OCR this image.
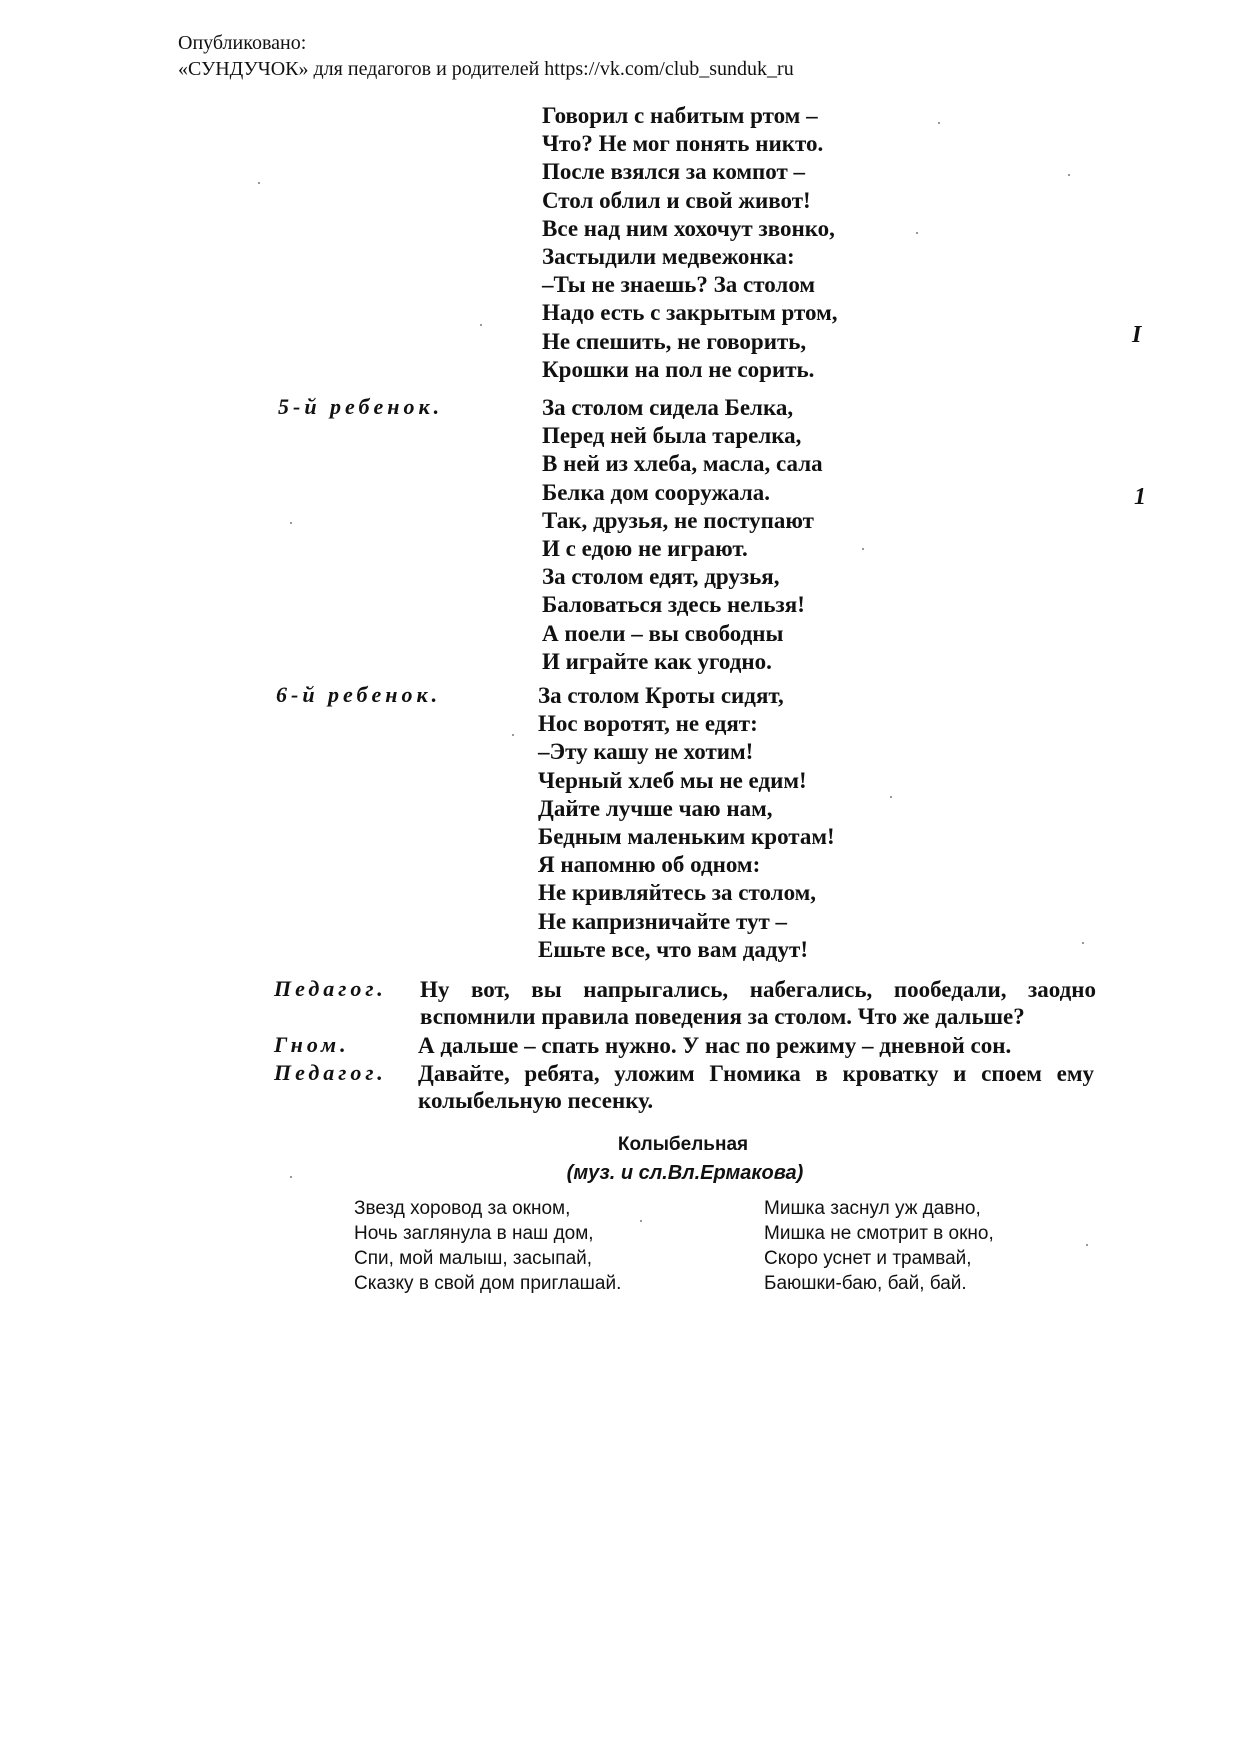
Опубликовано:
«СУНДУЧОК» для педагогов и родителей https://vk.com/club_sunduk_ru
Говорил с набитым ртом –
Что? Не мог понять никто.
После взялся за компот –
Стол облил и свой живот!
Все над ним хохочут звонко,
Застыдили медвежонка:
–Ты не знаешь? За столом
Надо есть с закрытым ртом,
Не спешить, не говорить,
Крошки на пол не сорить.
5-й ребенок.	За столом сидела Белка,
Перед ней была тарелка,
В ней из хлеба, масла, сала
Белка дом сооружала.
Так, друзья, не поступают
И с едою не играют.
За столом едят, друзья,
Баловаться здесь нельзя!
А поели – вы свободны
И играйте как угодно.
6-й ребенок.	За столом Кроты сидят,
Нос воротят, не едят:
–Эту кашу не хотим!
Черный хлеб мы не едим!
Дайте лучше чаю нам,
Бедным маленьким кротам!
Я напомню об одном:
Не кривляйтесь за столом,
Не капризничайте тут –
Ешьте все, что вам дадут!
Педагог. Ну вот, вы напрыгались, набегались, пообедали, заодно вспомнили правила поведения за столом. Что же дальше?
Гном.	А дальше – спать нужно. У нас по режиму – дневной сон.
Педагог. Давайте, ребята, уложим Гномика в кроватку и споем ему колыбельную песенку.
Колыбельная
(муз. и сл.Вл.Ермакова)
Звезд хоровод за окном,
Ночь заглянула в наш дом,
Спи, мой малыш, засыпай,
Сказку в свой дом приглашай.
Мишка заснул уж давно,
Мишка не смотрит в окно,
Скоро уснет и трамвай,
Баюшки-баю, бай, бай.
I
1
